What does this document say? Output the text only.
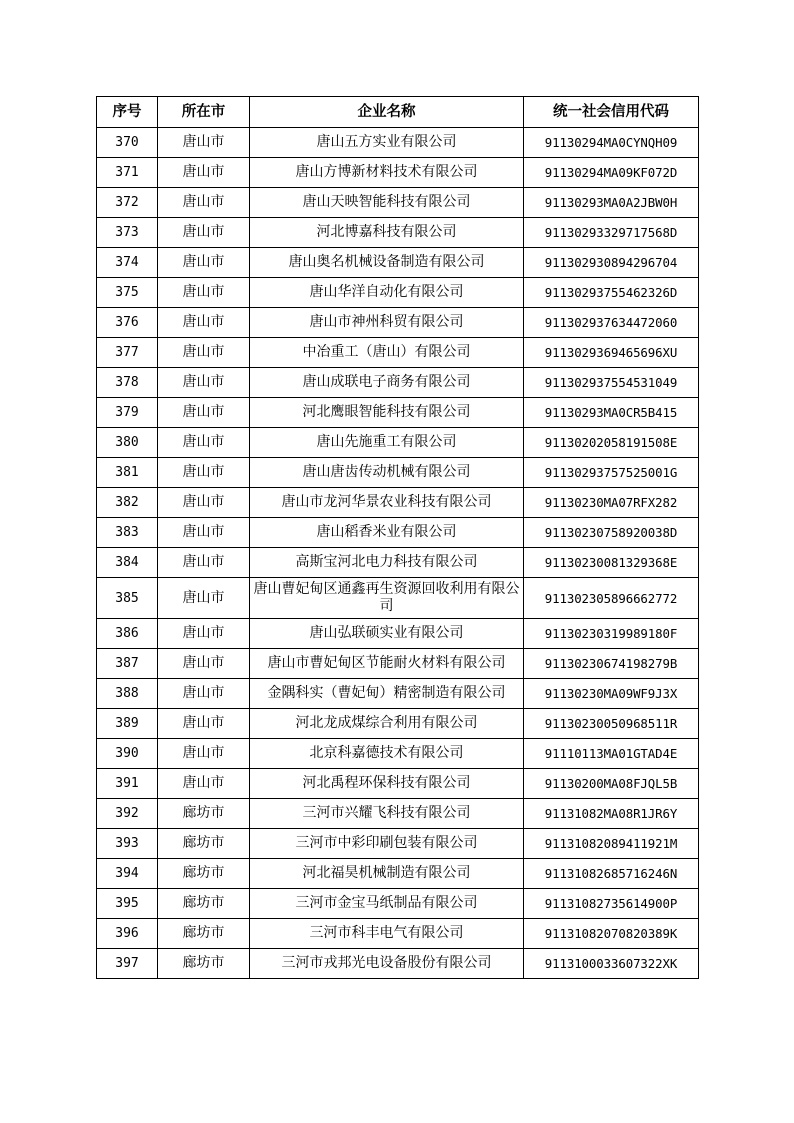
序号	所在市	企业名称	统一社会信用代码
370	唐山市	唐山五方实业有限公司	91130294MA0CYNQH09
371	唐山市	唐山方博新材料技术有限公司	91130294MA09KF072D
372	唐山市	唐山天映智能科技有限公司	91130293MA0A2JBW0H
373	唐山市	河北博嘉科技有限公司	91130293329717568D
374	唐山市	唐山奥名机械设备制造有限公司	911302930894296704
375	唐山市	唐山华洋自动化有限公司	91130293755462326D
376	唐山市	唐山市神州科贸有限公司	911302937634472060
377	唐山市	中冶重工（唐山）有限公司	9113029369465696XU
378	唐山市	唐山成联电子商务有限公司	911302937554531049
379	唐山市	河北鹰眼智能科技有限公司	91130293MA0CR5B415
380	唐山市	唐山先施重工有限公司	91130202058191508E
381	唐山市	唐山唐齿传动机械有限公司	91130293757525001G
382	唐山市	唐山市龙河华景农业科技有限公司	91130230MA07RFX282
383	唐山市	唐山稻香米业有限公司	91130230758920038D
384	唐山市	高斯宝河北电力科技有限公司	91130230081329368E
385	唐山市	唐山曹妃甸区通鑫再生资源回收利用有限公司	911302305896662772
386	唐山市	唐山弘联硕实业有限公司	91130230319989180F
387	唐山市	唐山市曹妃甸区节能耐火材料有限公司	91130230674198279B
388	唐山市	金隅科实（曹妃甸）精密制造有限公司	91130230MA09WF9J3X
389	唐山市	河北龙成煤综合利用有限公司	91130230050968511R
390	唐山市	北京科嘉德技术有限公司	91110113MA01GTAD4E
391	唐山市	河北禹程环保科技有限公司	91130200MA08FJQL5B
392	廊坊市	三河市兴耀飞科技有限公司	91131082MA08R1JR6Y
393	廊坊市	三河市中彩印刷包装有限公司	91131082089411921M
394	廊坊市	河北福昊机械制造有限公司	91131082685716246N
395	廊坊市	三河市金宝马纸制品有限公司	91131082735614900P
396	廊坊市	三河市科丰电气有限公司	91131082070820389K
397	廊坊市	三河市戎邦光电设备股份有限公司	9113100033607322XK
